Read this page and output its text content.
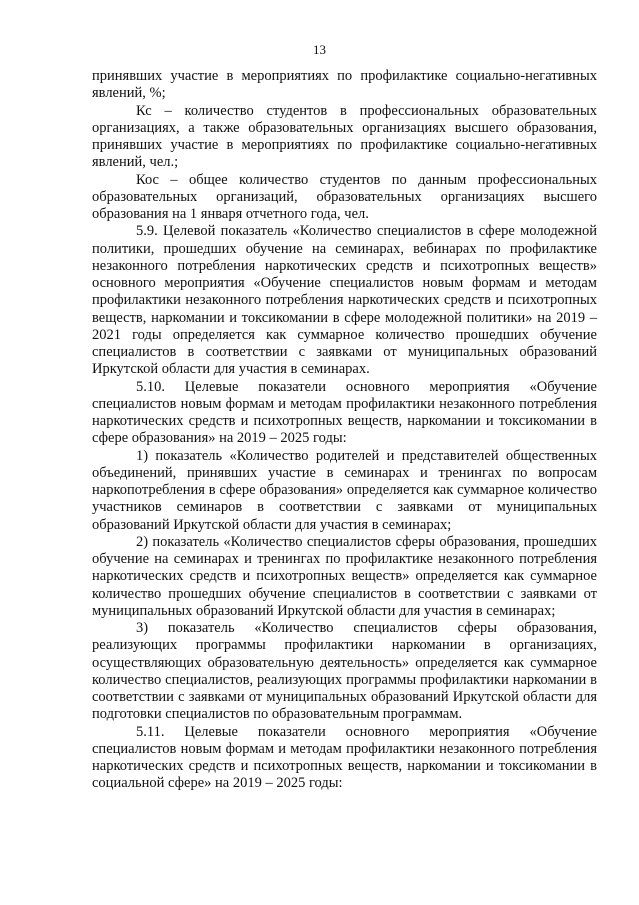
13

принявших участие в мероприятиях по профилактике социально-негативных явлений, %;

Кс – количество студентов в профессиональных образовательных организациях, а также образовательных организациях высшего образования, принявших участие в мероприятиях по профилактике социально-негативных явлений, чел.;

Кос – общее количество студентов по данным профессиональных образовательных организаций, образовательных организациях высшего образования на 1 января отчетного года, чел.

5.9. Целевой показатель «Количество специалистов в сфере молодежной политики, прошедших обучение на семинарах, вебинарах по профилактике незаконного потребления наркотических средств и психотропных веществ» основного мероприятия «Обучение специалистов новым формам и методам профилактики незаконного потребления наркотических средств и психотропных веществ, наркомании и токсикомании в сфере молодежной политики» на 2019 – 2021 годы определяется как суммарное количество прошедших обучение специалистов в соответствии с заявками от муниципальных образований Иркутской области для участия в семинарах.

5.10. Целевые показатели основного мероприятия «Обучение специалистов новым формам и методам профилактики незаконного потребления наркотических средств и психотропных веществ, наркомании и токсикомании в сфере образования» на 2019 – 2025 годы:

1) показатель «Количество родителей и представителей общественных объединений, принявших участие в семинарах и тренингах по вопросам наркопотребления в сфере образования» определяется как суммарное количество участников семинаров в соответствии с заявками от муниципальных образований Иркутской области для участия в семинарах;

2) показатель «Количество специалистов сферы образования, прошедших обучение на семинарах и тренингах по профилактике незаконного потребления наркотических средств и психотропных веществ» определяется как суммарное количество прошедших обучение специалистов в соответствии с заявками от муниципальных образований Иркутской области для участия в семинарах;

3) показатель «Количество специалистов сферы образования, реализующих программы профилактики наркомании в организациях, осуществляющих образовательную деятельность» определяется как суммарное количество специалистов, реализующих программы профилактики наркомании в соответствии с заявками от муниципальных образований Иркутской области для подготовки специалистов по образовательным программам.

5.11. Целевые показатели основного мероприятия «Обучение специалистов новым формам и методам профилактики незаконного потребления наркотических средств и психотропных веществ, наркомании и токсикомании в социальной сфере» на 2019 – 2025 годы:
